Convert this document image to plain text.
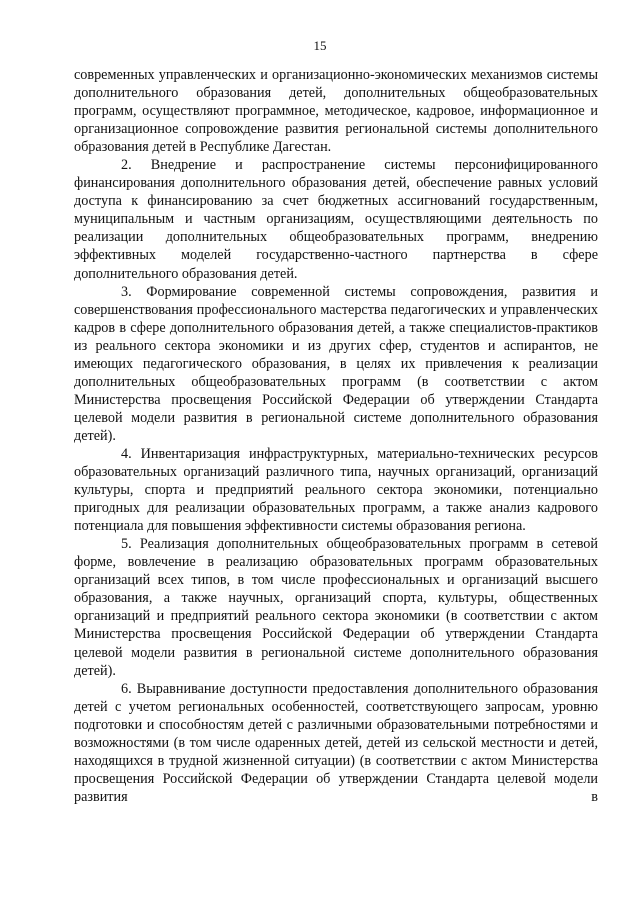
15

современных управленческих и организационно-экономических механизмов системы дополнительного образования детей, дополнительных общеобразовательных программ, осуществляют программное, методическое, кадровое, информационное и организационное сопровождение развития региональной системы дополнительного образования детей в Республике Дагестан.

2. Внедрение и распространение системы персонифицированного финансирования дополнительного образования детей, обеспечение равных условий доступа к финансированию за счет бюджетных ассигнований государственным, муниципальным и частным организациям, осуществляющими деятельность по реализации дополнительных общеобразовательных программ, внедрению эффективных моделей государственно-частного партнерства в сфере дополнительного образования детей.

3. Формирование современной системы сопровождения, развития и совершенствования профессионального мастерства педагогических и управленческих кадров в сфере дополнительного образования детей, а также специалистов-практиков из реального сектора экономики и из других сфер, студентов и аспирантов, не имеющих педагогического образования, в целях их привлечения к реализации дополнительных общеобразовательных программ (в соответствии с актом Министерства просвещения Российской Федерации об утверждении Стандарта целевой модели развития в региональной системе дополнительного образования детей).

4. Инвентаризация инфраструктурных, материально-технических ресурсов образовательных организаций различного типа, научных организаций, организаций культуры, спорта и предприятий реального сектора экономики, потенциально пригодных для реализации образовательных программ, а также анализ кадрового потенциала для повышения эффективности системы образования региона.

5. Реализация дополнительных общеобразовательных программ в сетевой форме, вовлечение в реализацию образовательных программ образовательных организаций всех типов, в том числе профессиональных и организаций высшего образования, а также научных, организаций спорта, культуры, общественных организаций и предприятий реального сектора экономики (в соответствии с актом Министерства просвещения Российской Федерации об утверждении Стандарта целевой модели развития в региональной системе дополнительного образования детей).

6. Выравнивание доступности предоставления дополнительного образования детей с учетом региональных особенностей, соответствующего запросам, уровню подготовки и способностям детей с различными образовательными потребностями и возможностями (в том числе одаренных детей, детей из сельской местности и детей, находящихся в трудной жизненной ситуации) (в соответствии с актом Министерства просвещения Российской Федерации об утверждении Стандарта целевой модели развития в
